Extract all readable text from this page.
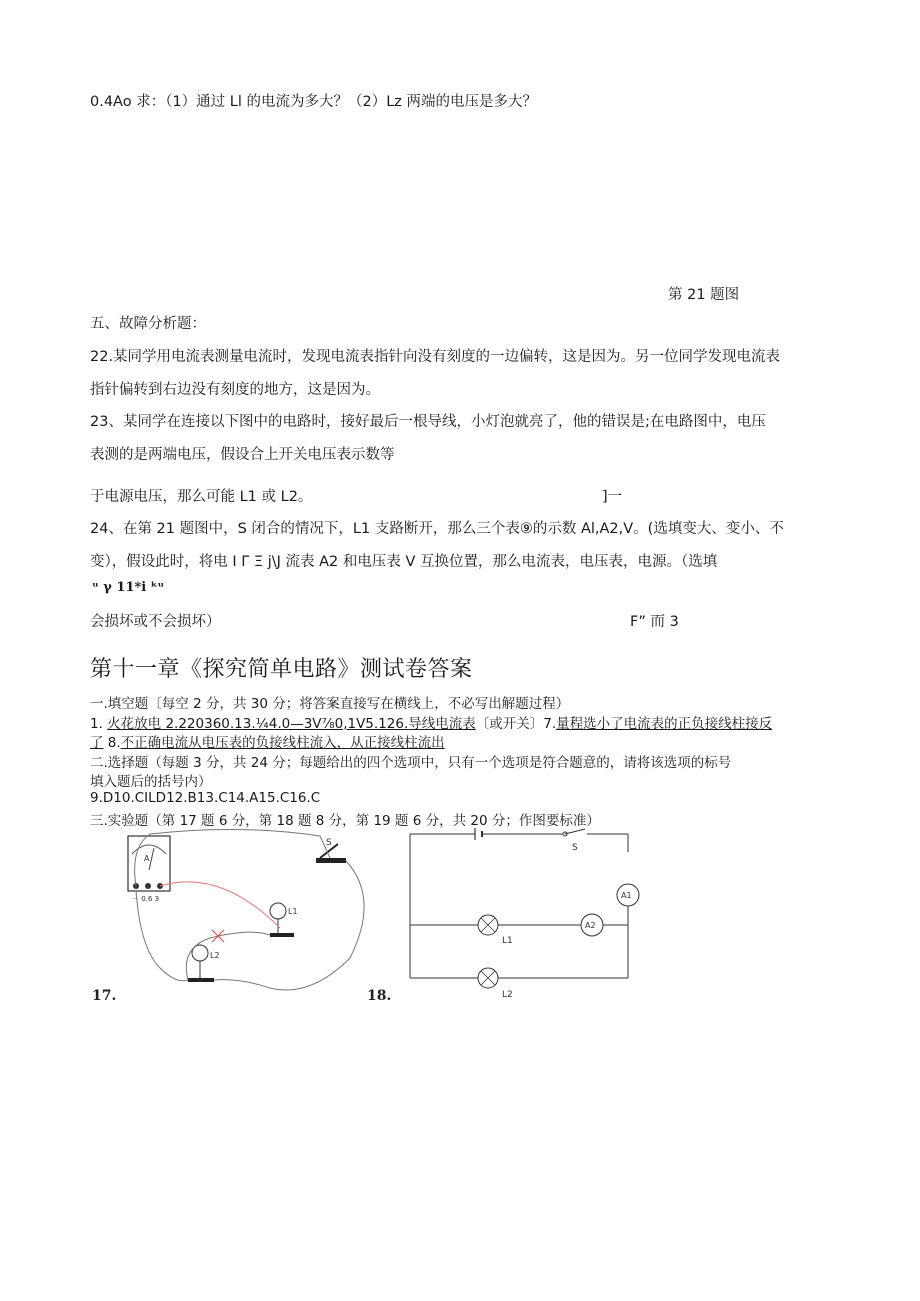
0.4Ao 求：（1）通过 Ll 的电流为多大？（2）Lz 两端的电压是多大？
第 21 题图
五、故障分析题：
22.某同学用电流表测量电流时，发现电流表指针向没有刻度的一边偏转，这是因为。另一位同学发现电流表
指针偏转到右边没有刻度的地方，这是因为。
23、某同学在连接以下图中的电路时，接好最后一根导线，小灯泡就亮了，他的错误是;在电路图中，电压
表测的是两端电压，假设合上开关电压表示数等
于电源电压，那么可能 L1 或 L2。	]一
24、在第 21 题图中，S 闭合的情况下，L1 支路断开，那么三个表⑨的示数 Al,A2,V。(选填变大、变小、不
变），假设此时，将电 I Γ Ξ j\J 流表 A2 和电压表 V 互换位置，那么电流表，电压表，电源。（选填
ᵘ γ 11*i ᵏᵘ
会损坏或不会损坏）	F” 而 3
第十一章《探究简单电路》测试卷答案
一.填空题〔每空 2 分，共 30 分；将答案直接写在横线上，不必写出解题过程）
1. 火花放电 2.220360.13.¼4.0—3V⅞0,1V5.126.导线电流表〔或开关〕7.量程选小了电流表的正负接线柱接反
了 8.不正确电流从电压表的负接线柱流入，从正接线柱流出
二.选择题（每题 3 分，共 24 分；每题给出的四个选项中，只有一个选项是符合题意的，请将该选项的标号
填入题后的括号内）
9.D10.CILD12.B13.C14.A15.C16.C
三.实验题（第 17 题 6 分，第 18 题 8 分，第 19 题 6 分，共 20 分；作图要标准）
A
－ 0.6 3
S
L1
L2
17.
S
A1
L1
A2
L2
18.
